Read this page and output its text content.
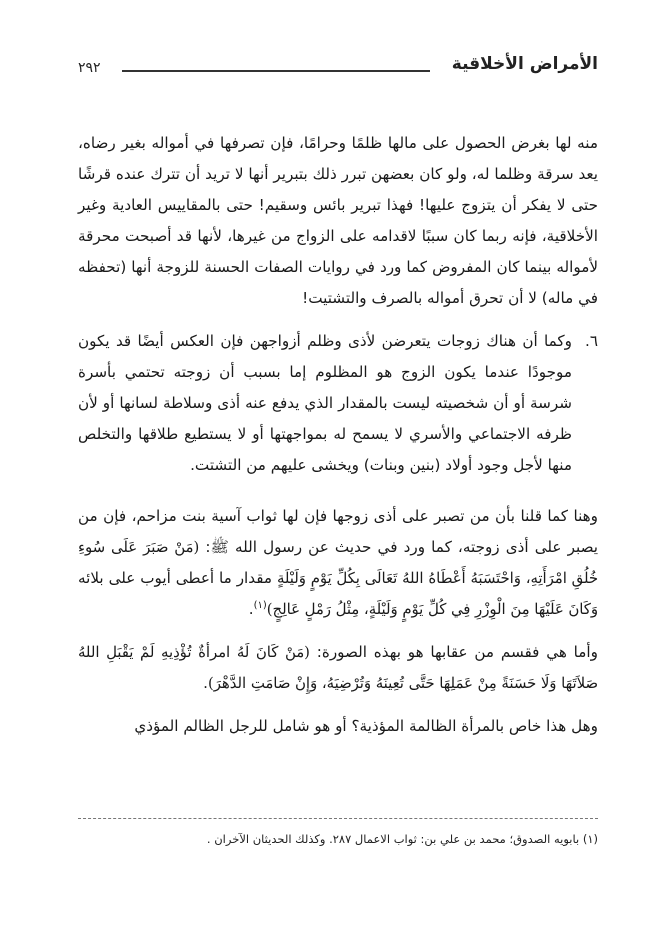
الأمراض الأخلاقية
٢٩٢

منه لها بغرض الحصول على مالها ظلمًا وحرامًا، فإن تصرفها في أمواله بغير رضاه، يعد سرقة وظلما له، ولو كان بعضهن تبرر ذلك بتبرير أنها لا تريد أن تترك عنده قرشًا حتى لا يفكر أن يتزوج عليها! فهذا تبرير بائس وسقيم! حتى بالمقاييس العادية وغير الأخلاقية، فإنه ربما كان سببًا لاقدامه على الزواج من غيرها، لأنها قد أصبحت محرقة لأمواله بينما كان المفروض كما ورد في روايات الصفات الحسنة للزوجة أنها (تحفظه في ماله) لا أن تحرق أمواله بالصرف والتشتيت!

٦.
وكما أن هناك زوجات يتعرضن لأذى وظلم أزواجهن فإن العكس أيضًا قد يكون موجودًا عندما يكون الزوج هو المظلوم إما بسبب أن زوجته تحتمي بأسرة شرسة أو أن شخصيته ليست بالمقدار الذي يدفع عنه أذى وسلاطة لسانها أو لأن ظرفه الاجتماعي والأسري لا يسمح له بمواجهتها أو لا يستطيع طلاقها والتخلص منها لأجل وجود أولاد (بنين وبنات) ويخشى عليهم من التشتت.

وهنا كما قلنا بأن من تصبر على أذى زوجها فإن لها ثواب آسية بنت مزاحم، فإن من يصبر على أذى زوجته، كما ورد في حديث عن رسول الله ﷺ: (مَنْ صَبَرَ عَلَى سُوءِ خُلُقِ امْرَأَتِهِ، وَاحْتَسَبَهُ أَعْطَاهُ اللهُ تَعَالَى بِكُلِّ يَوْمٍ وَلَيْلَةٍ مقدار ما أعطى أيوب على بلائه وَكَانَ عَلَيْهَا مِنَ الْوِزْرِ فِي كُلِّ يَوْمٍ وَلَيْلَةٍ، مِثْلُ رَمْلٍ عَالِجٍ)$^{(١)}$.

وأما هي فقسم من عقابها هو بهذه الصورة: (مَنْ كَانَ لَهُ امرأةٌ تُؤْذِيهِ لَمْ يَقْبَلِ اللهُ صَلاَتَهَا وَلَا حَسَنَةً مِنْ عَمَلِهَا حَتَّى تُعِينَهُ وَتُرْضِيَهُ، وَإِنْ صَامَتِ الدَّهْرَ).

وهل هذا خاص بالمرأة الظالمة المؤذية؟ أو هو شامل للرجل الظالم المؤذي

(١) بابويه الصدوق؛ محمد بن علي بن: ثواب الاعمال ٢٨٧. وكذلك الحديثان الآخران .
